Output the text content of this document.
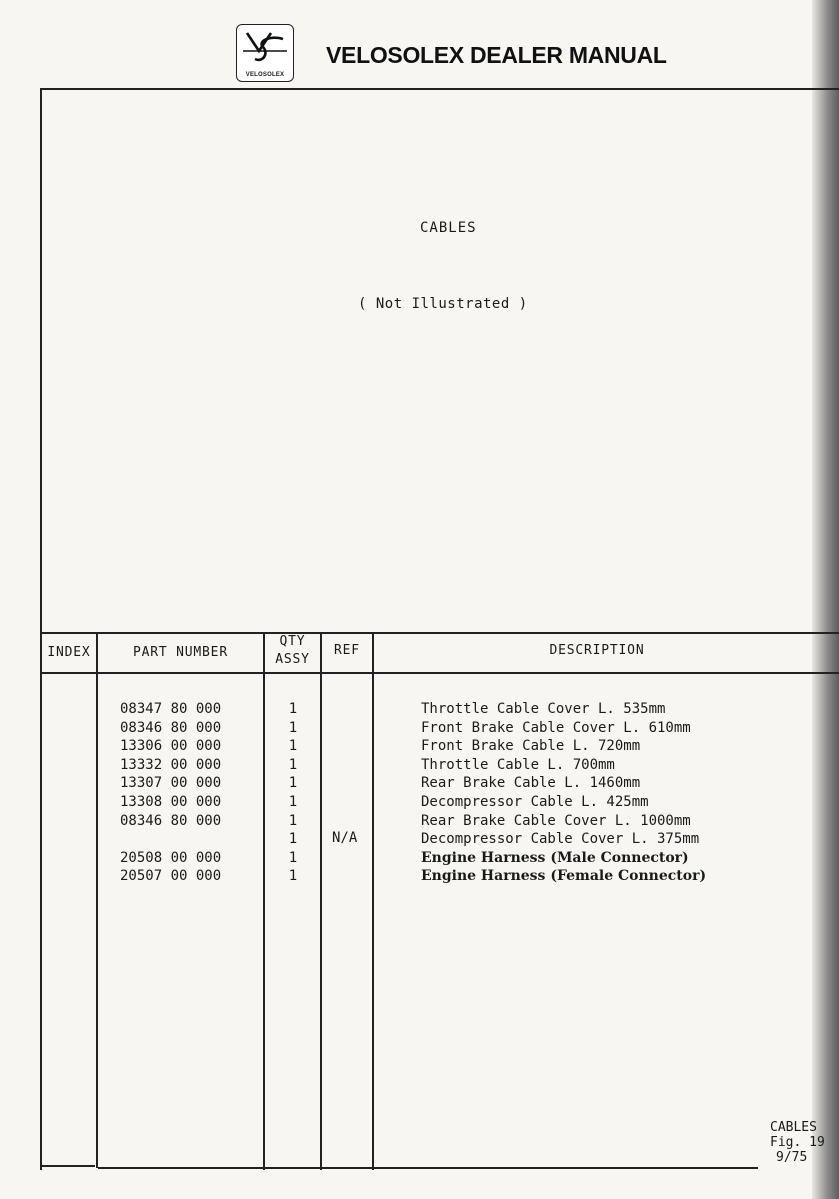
VELOSOLEX
VELOSOLEX DEALER MANUAL
CABLES
( Not Illustrated )
INDEX	PART NUMBER
QTY
ASSY
REF	DESCRIPTION
08347 80 000
08346 80 000
13306 00 000
13332 00 000
13307 00 000
13308 00 000
08346 80 000
20508 00 000
20507 00 000
1
1
1
1
1
1
1
1
1
1
N/A
Throttle Cable Cover L. 535mm
Front Brake Cable Cover L. 610mm
Front Brake Cable L. 720mm
Throttle Cable L. 700mm
Rear Brake Cable L. 1460mm
Decompressor Cable L. 425mm
Rear Brake Cable Cover L. 1000mm
Decompressor Cable Cover L. 375mm
Engine Harness (Male Connector)
Engine Harness (Female Connector)
CABLES
Fig. 19
9/75
